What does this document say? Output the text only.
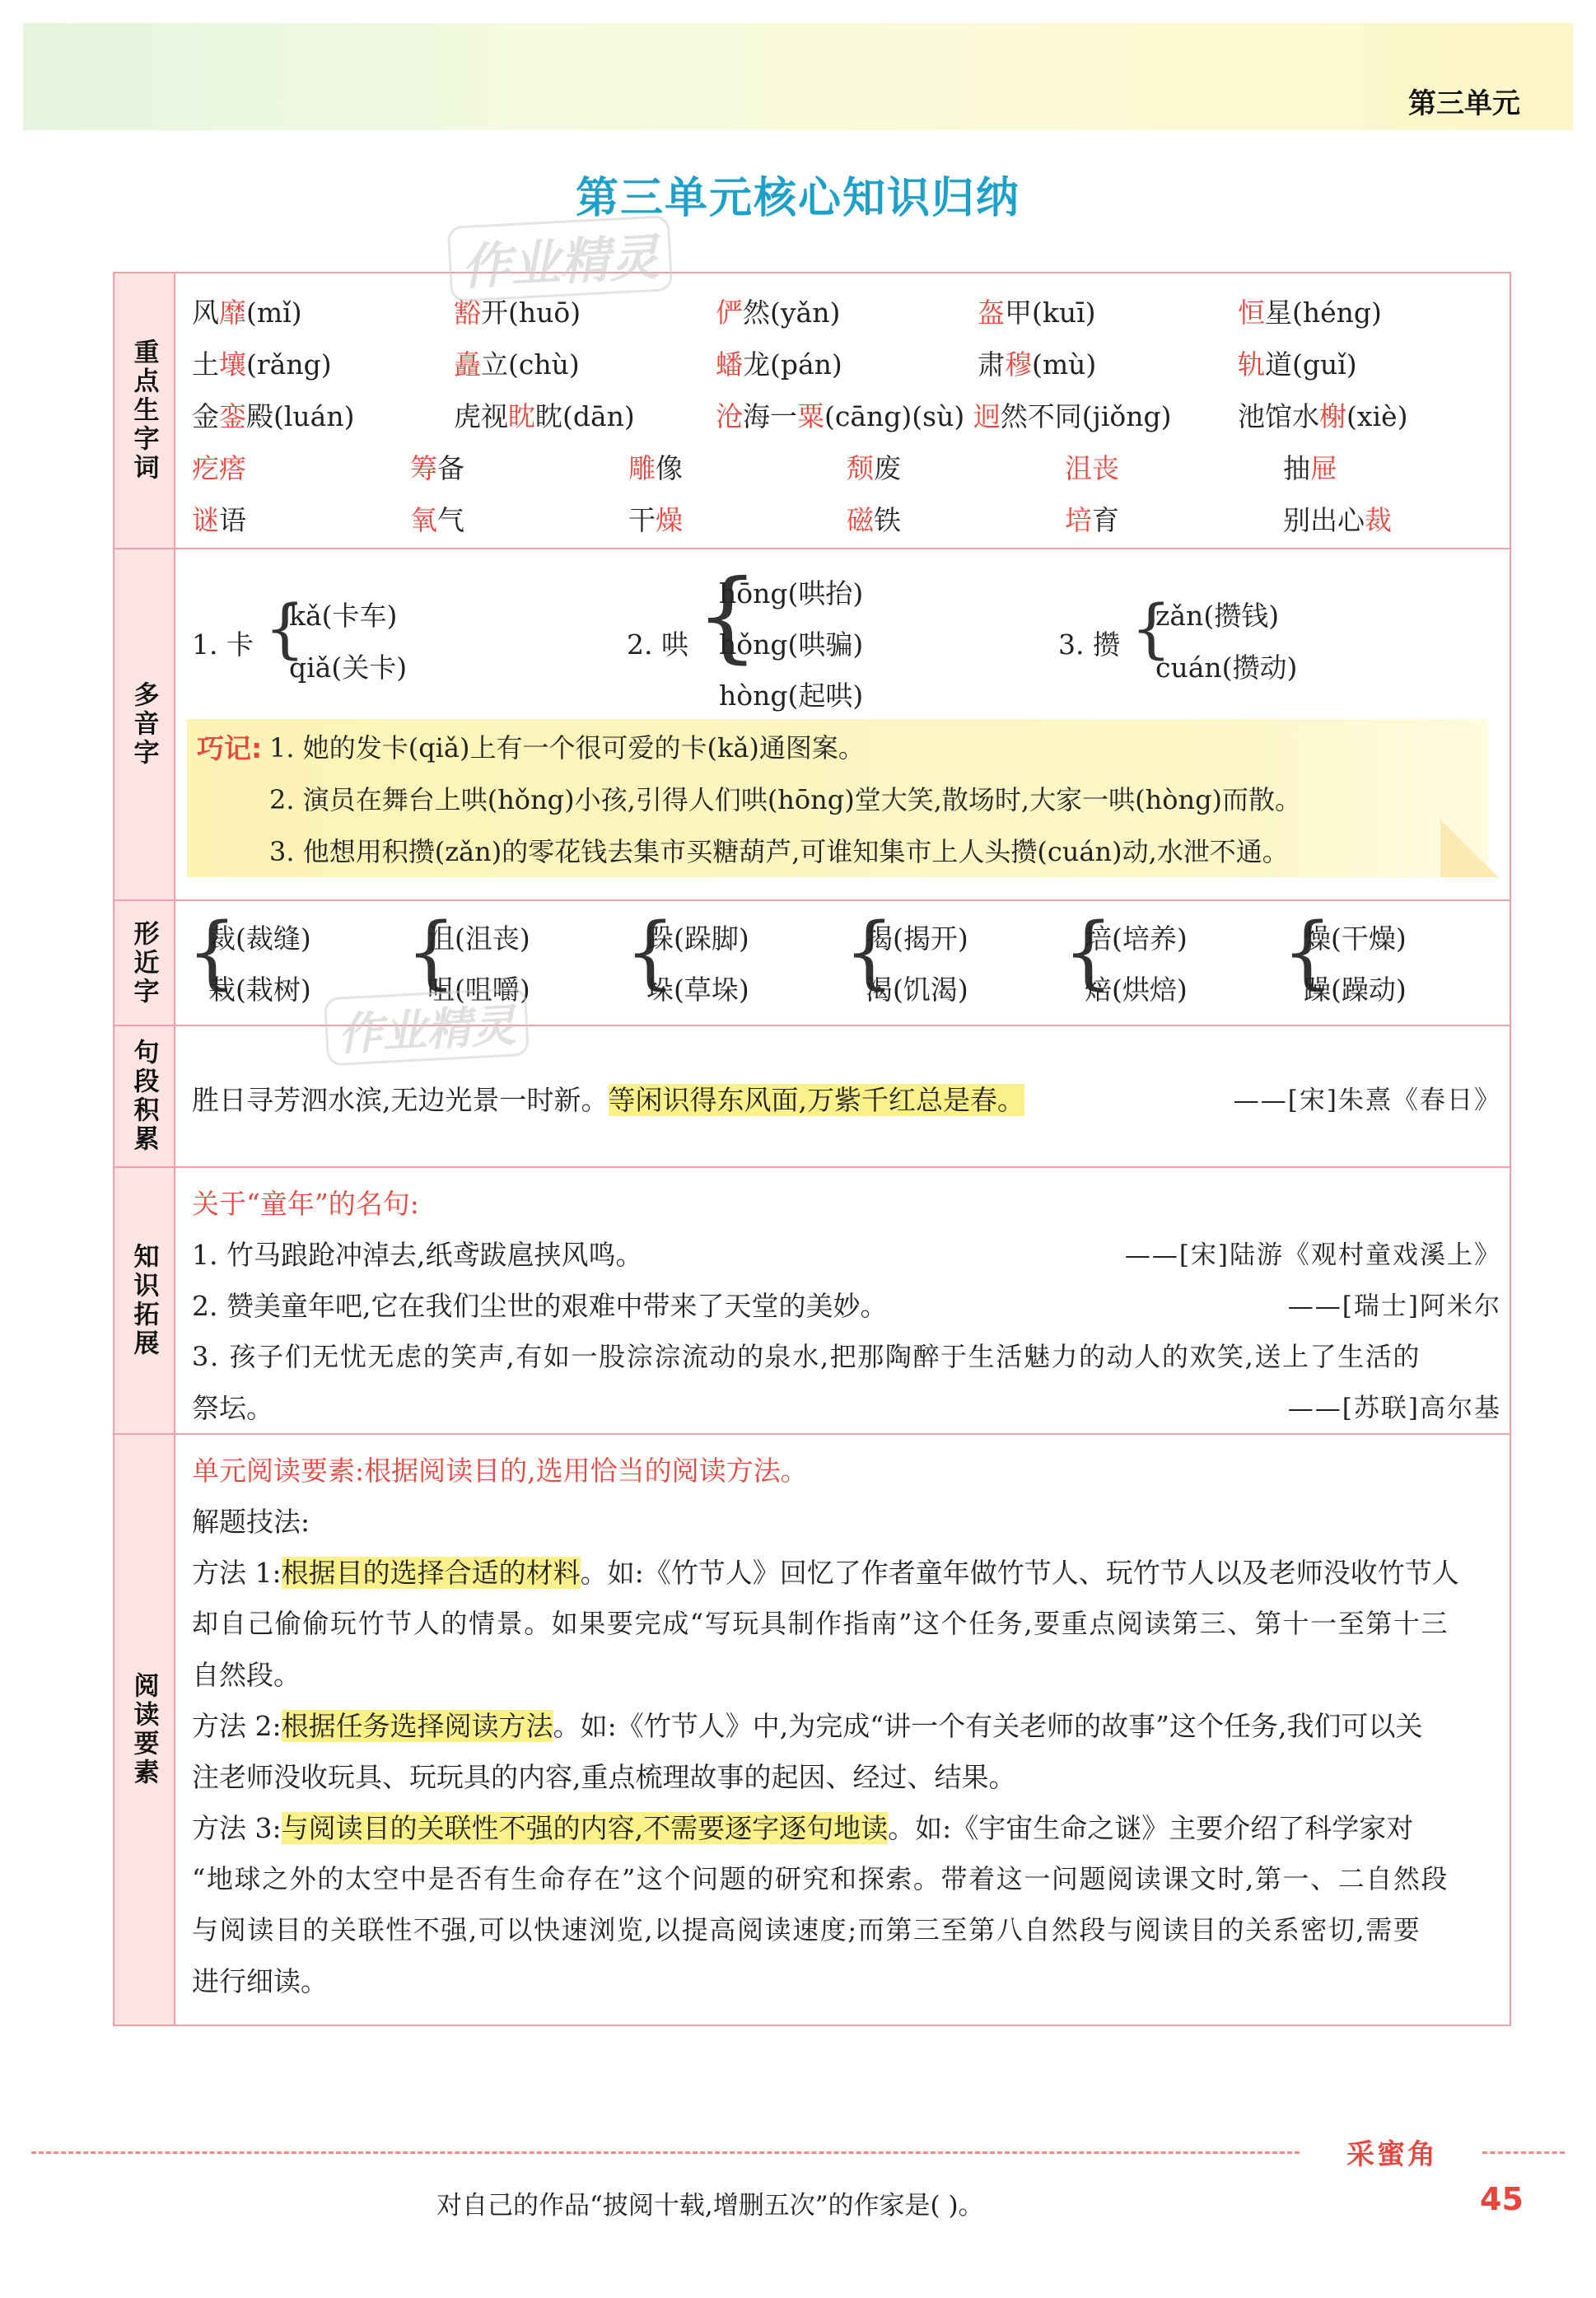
第三单元
第三单元核心知识归纳
重点生字词
风靡(mǐ)	豁开(huō)	俨然(yǎn)	盔甲(kuī)	恒星(héng)
土壤(rǎng)	矗立(chù)	蟠龙(pán)	肃穆(mù)	轨道(guǐ)
金銮殿(luán)	虎视眈眈(dān)	沧海一粟(cāng)(sù) 迥然不同(jiǒng) 池馆水榭(xiè)
疙瘩	筹备	雕像	颓废	沮丧	抽屉
谜语	氧气	干燥	磁铁	培育	别出心裁
多音字
1. 卡 {
kǎ(卡车)
qiǎ(关卡)
2. 哄 {
hōng(哄抬)
hǒng(哄骗)
hòng(起哄)
3. 攒 {
zǎn(攒钱)
cuán(攒动)
巧记: 1. 她的发卡(qiǎ)上有一个很可爱的卡(kǎ)通图案。
2. 演员在舞台上哄(hǒng)小孩,引得人们哄(hōng)堂大笑,散场时,大家一哄(hòng)而散。
3. 他想用积攒(zǎn)的零花钱去集市买糖葫芦,可谁知集市上人头攒(cuán)动,水泄不通。
形近字 {
裁(裁缝)
栽(栽树) {
沮(沮丧)
咀(咀嚼) {
跺(跺脚)
垛(草垛) {
揭(揭开)
渴(饥渴) {
培(培养)
焙(烘焙) {
燥(干燥)
躁(躁动)
句段积累 胜日寻芳泗水滨,无边光景一时新。等闲识得东风面,万紫千红总是春。	——[宋]朱熹《春日》
知识拓展
关于“童年”的名句:
1. 竹马踉跄冲淖去,纸鸢跋扈挟风鸣。	——[宋]陆游《观村童戏溪上》
2. 赞美童年吧,它在我们尘世的艰难中带来了天堂的美妙。	——[瑞士]阿米尔
3. 孩子们无忧无虑的笑声,有如一股淙淙流动的泉水,把那陶醉于生活魅力的动人的欢笑,送上了生活的
祭坛。	——[苏联]高尔基
阅读要素
单元阅读要素:根据阅读目的,选用恰当的阅读方法。
解题技法:
方法 1:根据目的选择合适的材料。如:《竹节人》回忆了作者童年做竹节人、玩竹节人以及老师没收竹节人
却自己偷偷玩竹节人的情景。如果要完成“写玩具制作指南”这个任务,要重点阅读第三、第十一至第十三
自然段。
方法 2:根据任务选择阅读方法。如:《竹节人》中,为完成“讲一个有关老师的故事”这个任务,我们可以关
注老师没收玩具、玩玩具的内容,重点梳理故事的起因、经过、结果。
方法 3:与阅读目的关联性不强的内容,不需要逐字逐句地读。如:《宇宙生命之谜》主要介绍了科学家对
“地球之外的太空中是否有生命存在”这个问题的研究和探索。带着这一问题阅读课文时,第一、二自然段
与阅读目的关联性不强,可以快速浏览,以提高阅读速度;而第三至第八自然段与阅读目的关系密切,需要
进行细读。
作业精灵
作业精灵
采蜜角
对自己的作品“披阅十载,增删五次”的作家是( )。	45
